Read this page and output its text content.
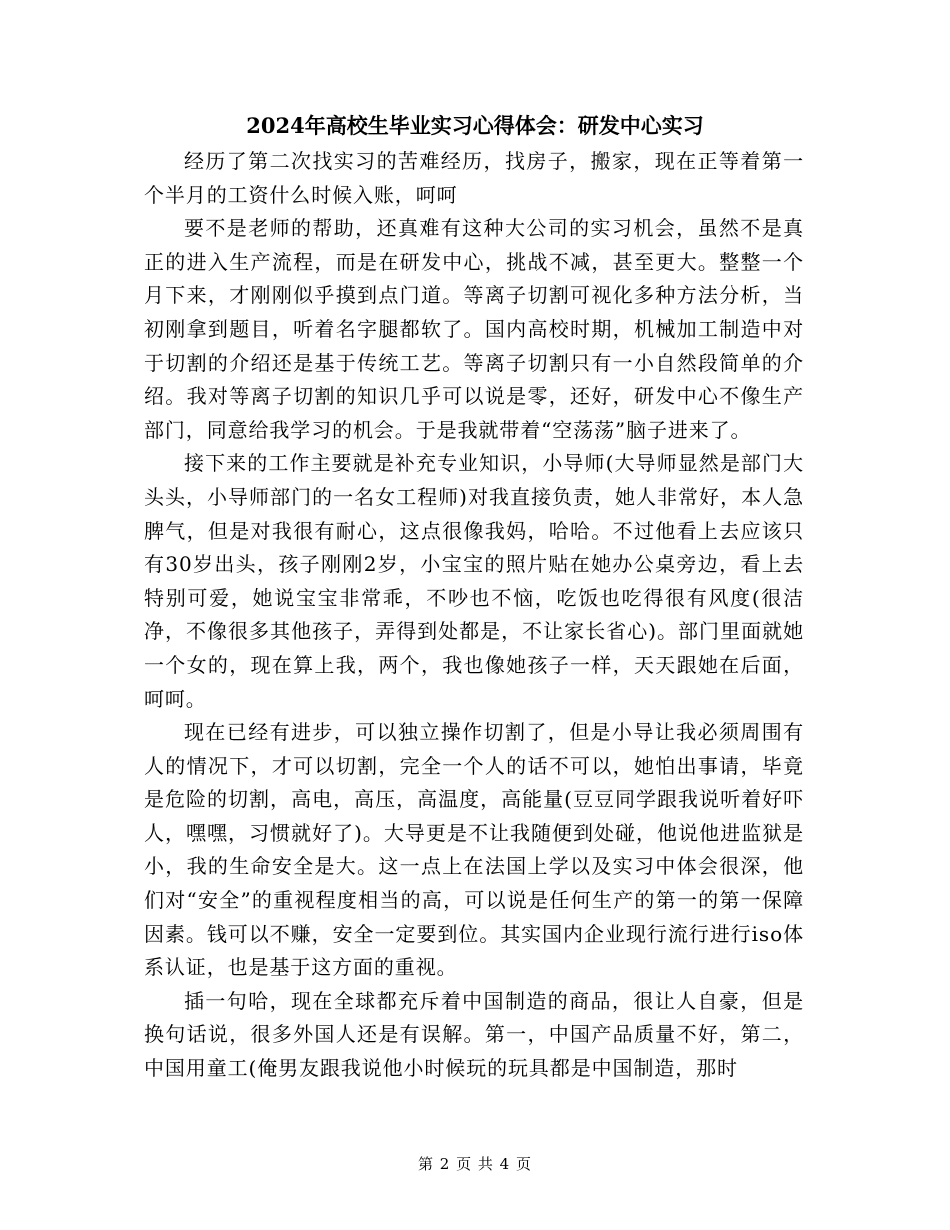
2024年高校生毕业实习心得体会：研发中心实习

经历了第二次找实习的苦难经历，找房子，搬家，现在正等着第一个半月的工资什么时候入账，呵呵

要不是老师的帮助，还真难有这种大公司的实习机会，虽然不是真正的进入生产流程，而是在研发中心，挑战不减，甚至更大。整整一个月下来，才刚刚似乎摸到点门道。等离子切割可视化多种方法分析，当初刚拿到题目，听着名字腿都软了。国内高校时期，机械加工制造中对于切割的介绍还是基于传统工艺。等离子切割只有一小自然段简单的介绍。我对等离子切割的知识几乎可以说是零，还好，研发中心不像生产部门，同意给我学习的机会。于是我就带着“空荡荡”脑子进来了。

接下来的工作主要就是补充专业知识，小导师(大导师显然是部门大头头，小导师部门的一名女工程师)对我直接负责，她人非常好，本人急脾气，但是对我很有耐心，这点很像我妈，哈哈。不过他看上去应该只有30岁出头，孩子刚刚2岁，小宝宝的照片贴在她办公桌旁边，看上去特别可爱，她说宝宝非常乖，不吵也不恼，吃饭也吃得很有风度(很洁净，不像很多其他孩子，弄得到处都是，不让家长省心)。部门里面就她一个女的，现在算上我，两个，我也像她孩子一样，天天跟她在后面，呵呵。

现在已经有进步，可以独立操作切割了，但是小导让我必须周围有人的情况下，才可以切割，完全一个人的话不可以，她怕出事请，毕竟是危险的切割，高电，高压，高温度，高能量(豆豆同学跟我说听着好吓人，嘿嘿，习惯就好了)。大导更是不让我随便到处碰，他说他进监狱是小，我的生命安全是大。这一点上在法国上学以及实习中体会很深，他们对“安全”的重视程度相当的高，可以说是任何生产的第一的第一保障因素。钱可以不赚，安全一定要到位。其实国内企业现行流行进行iso体系认证，也是基于这方面的重视。

插一句哈，现在全球都充斥着中国制造的商品，很让人自豪，但是换句话说，很多外国人还是有误解。第一，中国产品质量不好，第二，中国用童工(俺男友跟我说他小时候玩的玩具都是中国制造，那时

第 2 页 共 4 页
